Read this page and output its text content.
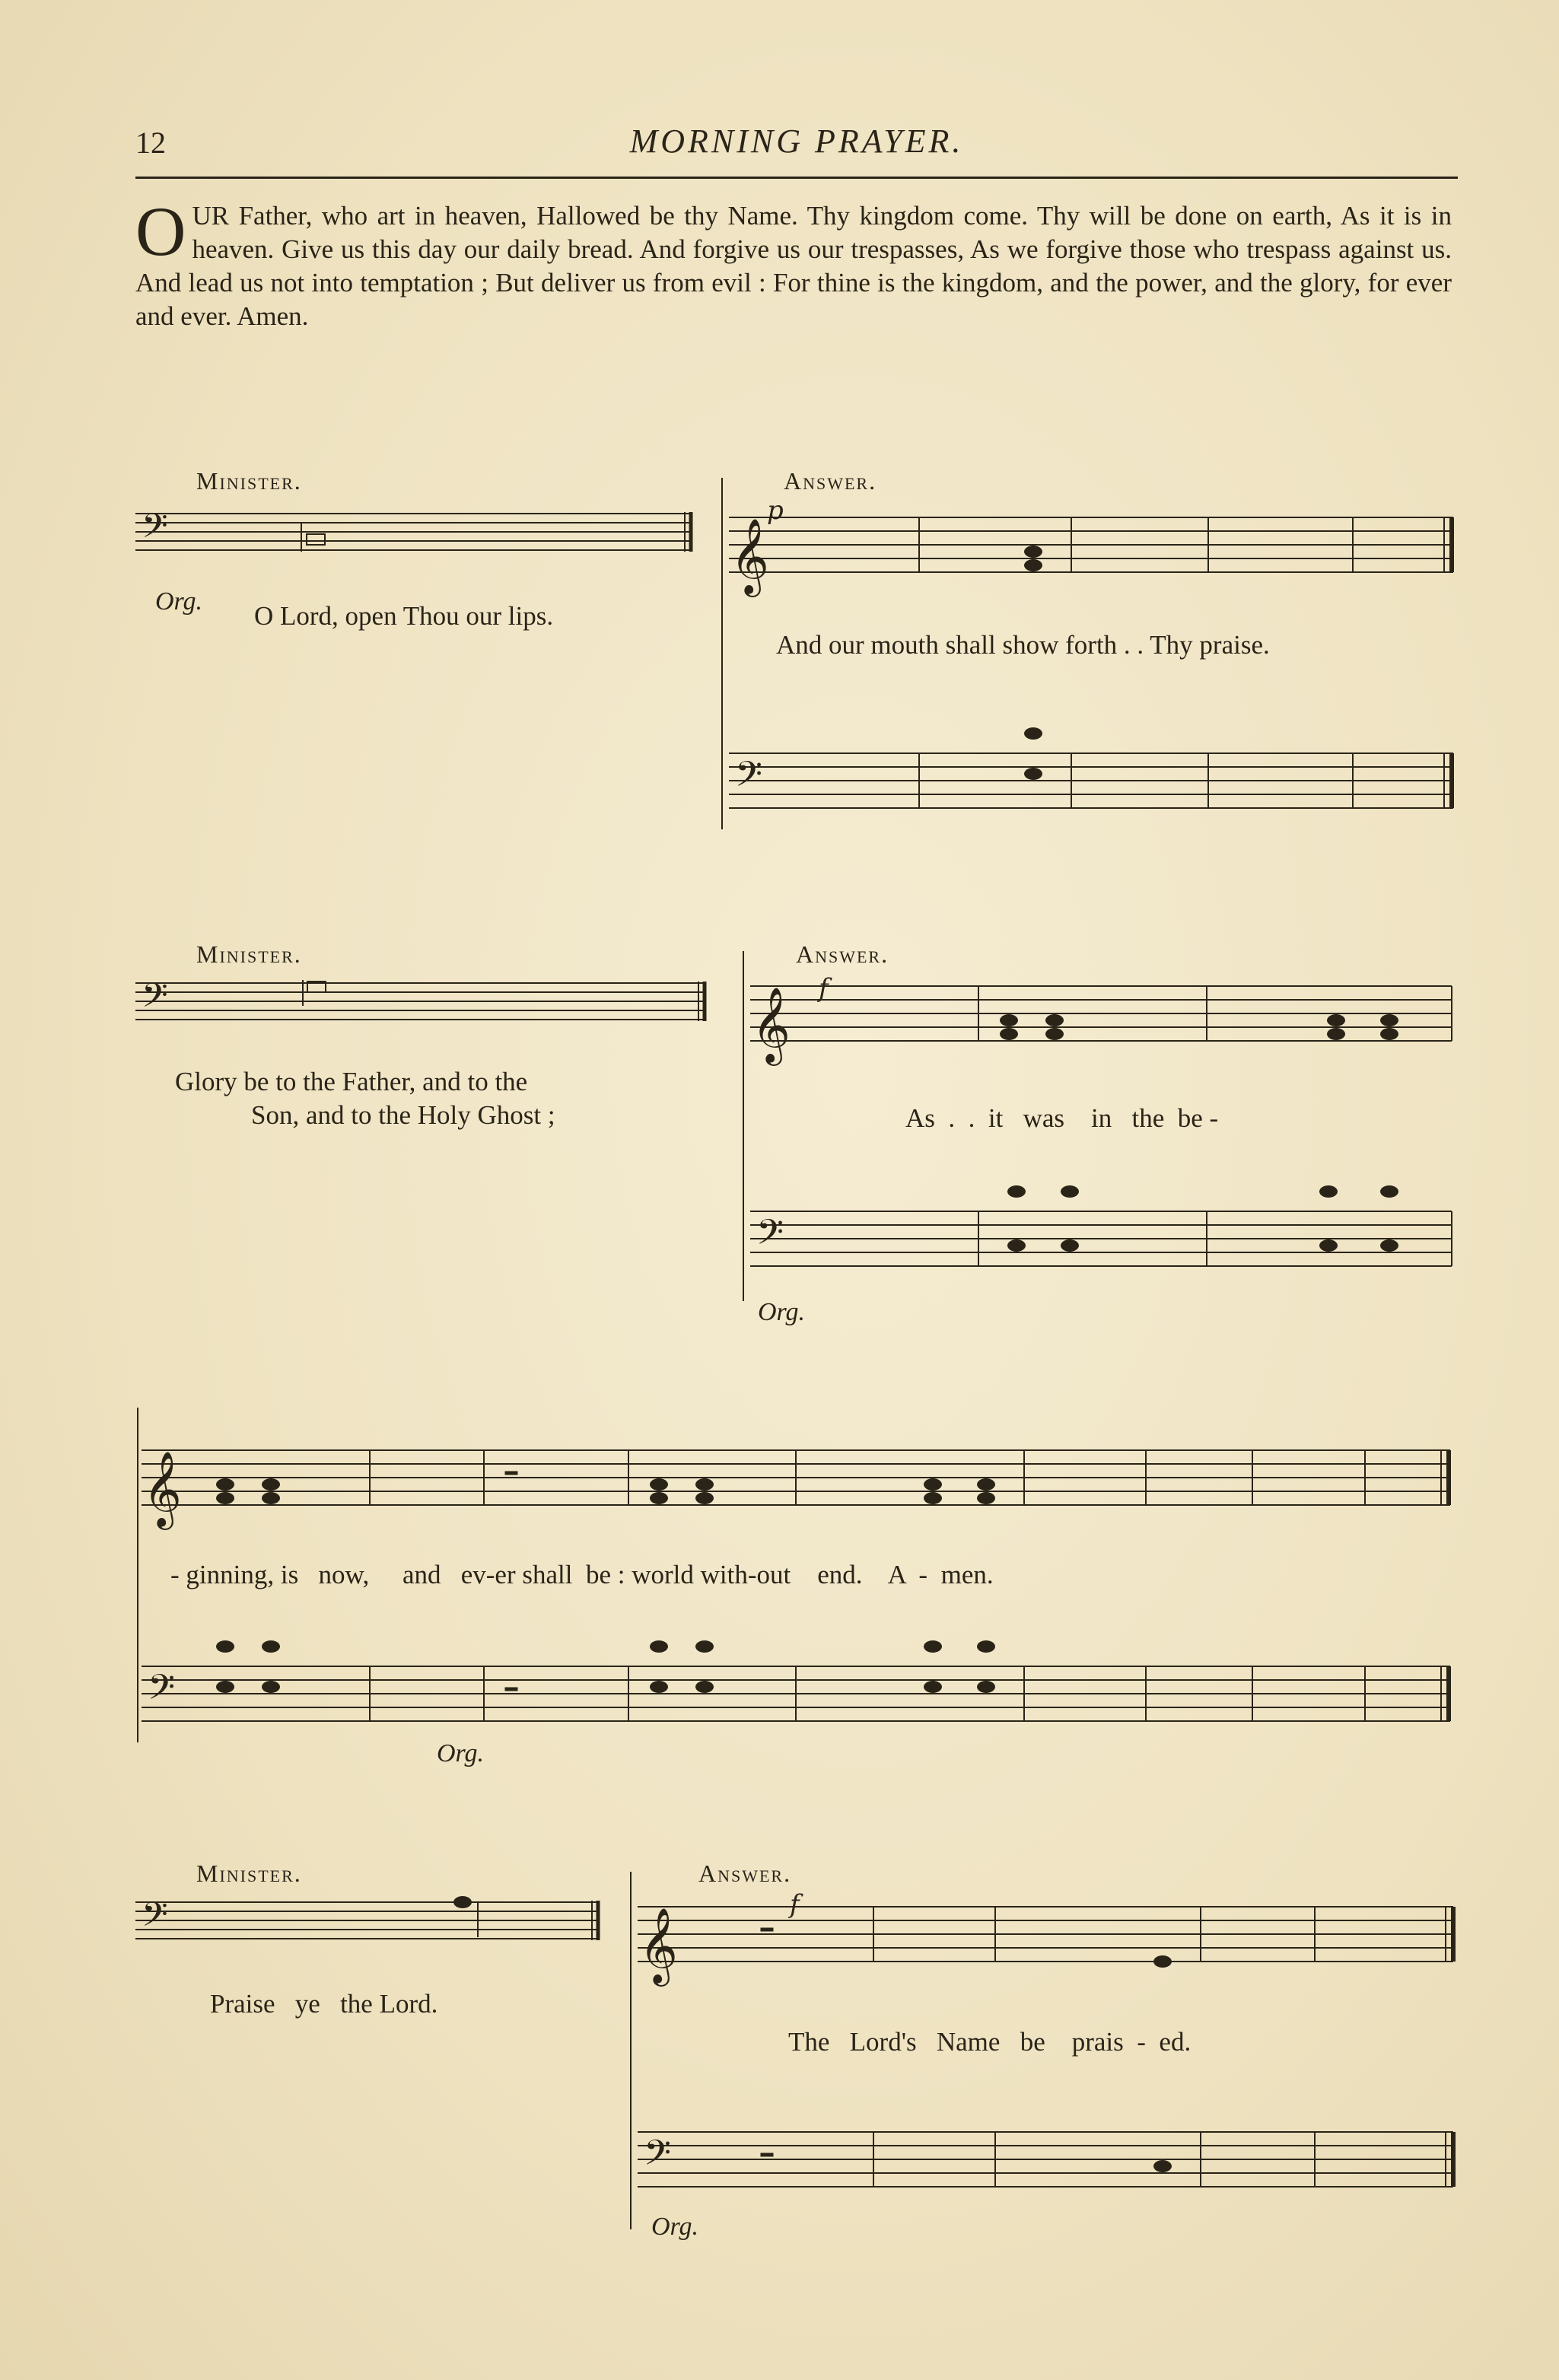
12	MORNING PRAYER.
OUR Father, who art in heaven, Hallowed be thy Name. Thy kingdom come. Thy will be done on earth, As it is in heaven. Give us this day our daily bread. And forgive us our trespasses, As we forgive those who trespass against us. And lead us not into temptation ; But deliver us from evil : For thine is the kingdom, and the power, and the glory, for ever and ever. Amen.
Minister.
𝄢
Org. O Lord, open Thou our lips.
Answer.
𝄞
p
And our mouth shall show forth . . Thy praise.
𝄢
Minister.
𝄢
Glory be to the Father, and to the
Son, and to the Holy Ghost ;
Answer.
𝄞 f
As  .  .  it   was    in   the  be -
𝄢
Org.
𝄞
- ginning, is   now,     and   ev-er shall  be : world with-out    end.    A  -  men.
𝄢
Org.
Minister.
𝄢
Praise   ye   the Lord.
Answer.
𝄞
f
The   Lord's   Name   be    prais  -  ed.
𝄢
Org.
